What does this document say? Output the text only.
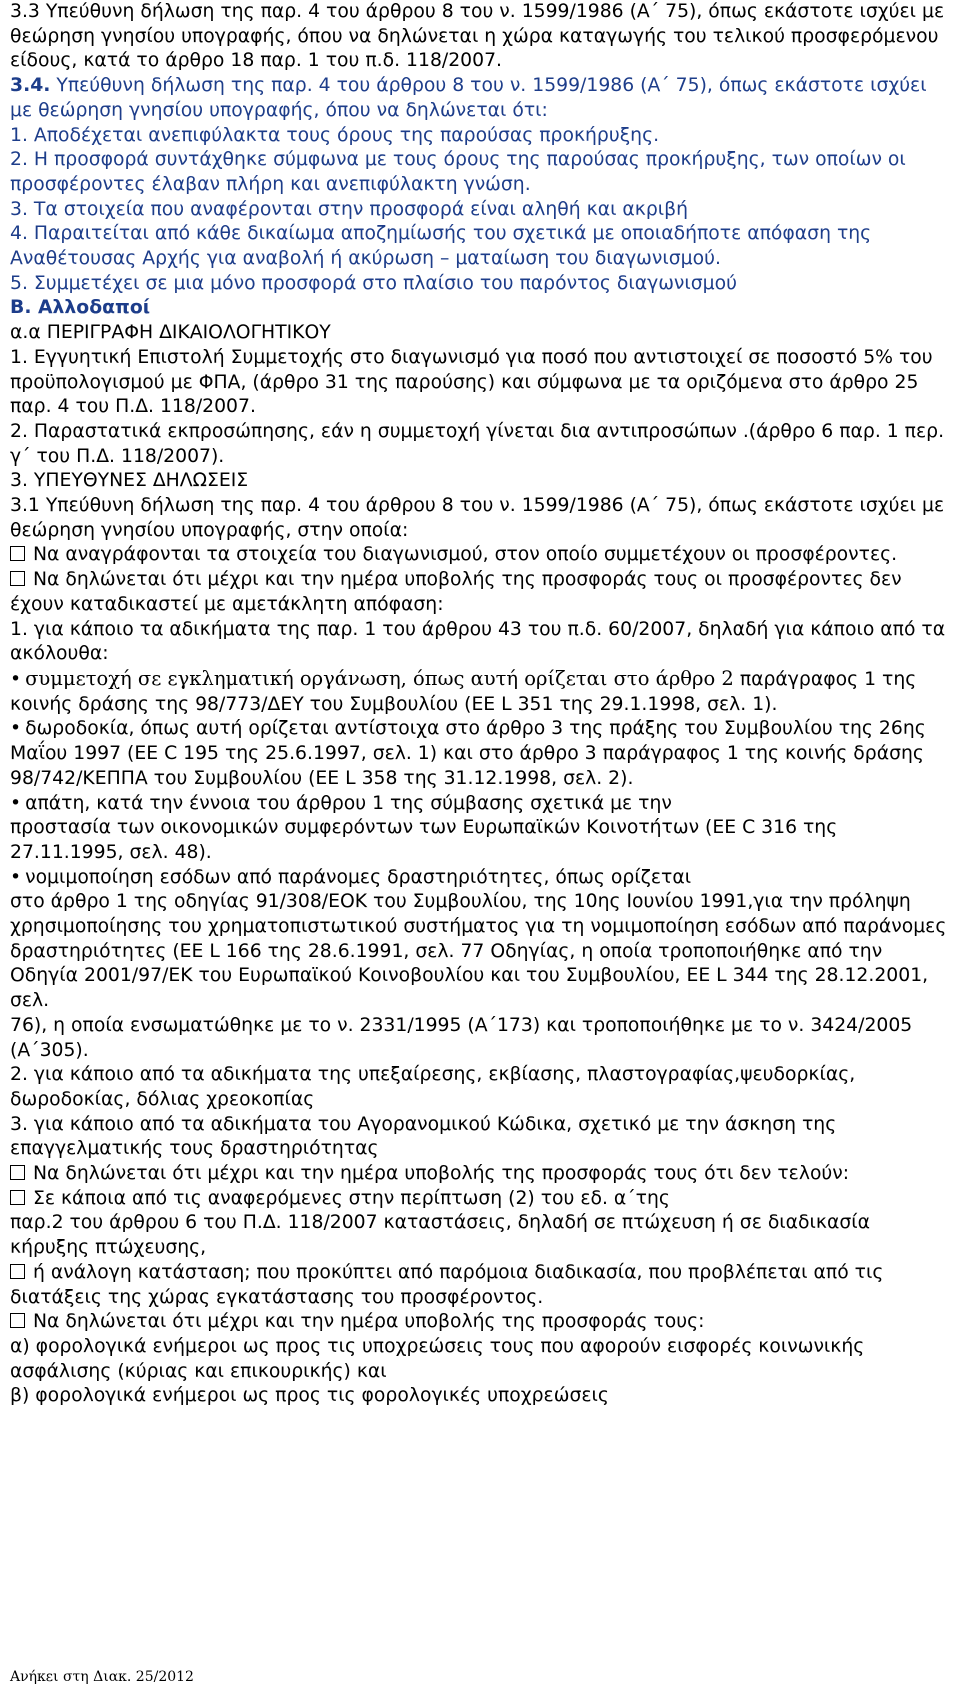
3.3 Υπεύθυνη δήλωση της παρ. 4 του άρθρου 8 του ν. 1599/1986 (Α΄ 75), όπως εκάστοτε ισχύει με θεώρηση γνησίου υπογραφής, όπου να δηλώνεται η χώρα καταγωγής του τελικού προσφερόμενου είδους, κατά το άρθρο 18 παρ. 1 του π.δ. 118/2007.

3.4. Υπεύθυνη δήλωση της παρ. 4 του άρθρου 8 του ν. 1599/1986 (Α΄ 75), όπως εκάστοτε ισχύει με θεώρηση γνησίου υπογραφής, όπου να δηλώνεται ότι:

1. Αποδέχεται ανεπιφύλακτα τους όρους της παρούσας προκήρυξης.

2. Η προσφορά συντάχθηκε σύμφωνα με τους όρους της παρούσας προκήρυξης, των οποίων οι προσφέροντες έλαβαν πλήρη και ανεπιφύλακτη γνώση.

3. Τα στοιχεία που αναφέρονται στην προσφορά είναι αληθή και ακριβή

4. Παραιτείται από κάθε δικαίωμα αποζημίωσής του σχετικά με οποιαδήποτε απόφαση της Αναθέτουσας Αρχής για αναβολή ή ακύρωση – ματαίωση του διαγωνισμού.

5. Συμμετέχει σε μια μόνο προσφορά στο πλαίσιο του παρόντος διαγωνισμού

Β. Αλλοδαποί

α.α ΠΕΡΙΓΡΑΦΗ ΔΙΚΑΙΟΛΟΓΗΤΙΚΟΥ

1. Εγγυητική Επιστολή Συμμετοχής στο διαγωνισμό για ποσό που αντιστοιχεί σε ποσοστό 5% του προϋπολογισμού με ΦΠΑ, (άρθρο 31 της παρούσης) και σύμφωνα με τα οριζόμενα στο άρθρο 25 παρ. 4 του Π.Δ. 118/2007.

2. Παραστατικά εκπροσώπησης, εάν η συμμετοχή γίνεται δια αντιπροσώπων .(άρθρο 6 παρ. 1 περ. γ΄ του Π.Δ. 118/2007).

3. ΥΠΕΥΘΥΝΕΣ ΔΗΛΩΣΕΙΣ

3.1 Υπεύθυνη δήλωση της παρ. 4 του άρθρου 8 του ν. 1599/1986 (Α΄ 75), όπως εκάστοτε ισχύει με θεώρηση γνησίου υπογραφής, στην οποία:

Να αναγράφονται τα στοιχεία του διαγωνισμού, στον οποίο συμμετέχουν οι προσφέροντες.

Να δηλώνεται ότι μέχρι και την ημέρα υποβολής της προσφοράς τους οι προσφέροντες δεν έχουν καταδικαστεί με αμετάκλητη απόφαση:

1. για κάποιο τα αδικήματα της παρ. 1 του άρθρου 43 του π.δ. 60/2007, δηλαδή για κάποιο από τα ακόλουθα:

• συμμετοχή σε εγκληματική οργάνωση, όπως αυτή ορίζεται στο άρθρο 2 παράγραφος 1 της κοινής δράσης της 98/773/ΔΕΥ του Συμβουλίου (ΕΕ L 351 της 29.1.1998, σελ. 1).

• δωροδοκία, όπως αυτή ορίζεται αντίστοιχα στο άρθρο 3 της πράξης του Συμβουλίου της 26ης Μαΐου 1997 (ΕΕ C 195 της 25.6.1997, σελ. 1) και στο άρθρο 3 παράγραφος 1 της κοινής δράσης 98/742/ΚΕΠΠΑ του Συμβουλίου (ΕΕ L 358 της 31.12.1998, σελ. 2).

• απάτη, κατά την έννοια του άρθρου 1 της σύμβασης σχετικά με την

προστασία των οικονομικών συμφερόντων των Ευρωπαϊκών Κοινοτήτων (ΕΕ C 316 της 27.11.1995, σελ. 48).

• νομιμοποίηση εσόδων από παράνομες δραστηριότητες, όπως ορίζεται

στο άρθρο 1 της οδηγίας 91/308/ΕΟΚ του Συμβουλίου, της 10ης Ιουνίου 1991,για την πρόληψη χρησιμοποίησης του χρηματοπιστωτικού συστήματος για τη νομιμοποίηση εσόδων από παράνομες δραστηριότητες (ΕΕ L 166 της 28.6.1991, σελ. 77 Οδηγίας, η οποία τροποποιήθηκε από την Οδηγία 2001/97/ΕΚ του Ευρωπαϊκού Κοινοβουλίου και του Συμβουλίου, ΕΕ L 344 της 28.12.2001, σελ.

76), η οποία ενσωματώθηκε με το ν. 2331/1995 (Α΄173) και τροποποιήθηκε με το ν. 3424/2005 (Α΄305).

2. για κάποιο από τα αδικήματα της υπεξαίρεσης, εκβίασης, πλαστογραφίας,ψευδορκίας, δωροδοκίας, δόλιας χρεοκοπίας

3. για κάποιο από τα αδικήματα του Αγορανομικού Κώδικα, σχετικό με την άσκηση της επαγγελματικής τους δραστηριότητας

Να δηλώνεται ότι μέχρι και την ημέρα υποβολής της προσφοράς τους ότι δεν τελούν:

Σε κάποια από τις αναφερόμενες στην περίπτωση (2) του εδ. α΄της

παρ.2 του άρθρου 6 του Π.Δ. 118/2007 καταστάσεις, δηλαδή σε πτώχευση ή σε διαδικασία κήρυξης πτώχευσης,

ή ανάλογη κατάσταση; που προκύπτει από παρόμοια διαδικασία, που προβλέπεται από τις διατάξεις της χώρας εγκατάστασης του προσφέροντος.

Να δηλώνεται ότι μέχρι και την ημέρα υποβολής της προσφοράς τους:

α) φορολογικά ενήμεροι ως προς τις υποχρεώσεις τους που αφορούν εισφορές κοινωνικής ασφάλισης (κύριας και επικουρικής) και

β) φορολογικά ενήμεροι ως προς τις φορολογικές υποχρεώσεις

Ανήκει στη Διακ. 25/2012
